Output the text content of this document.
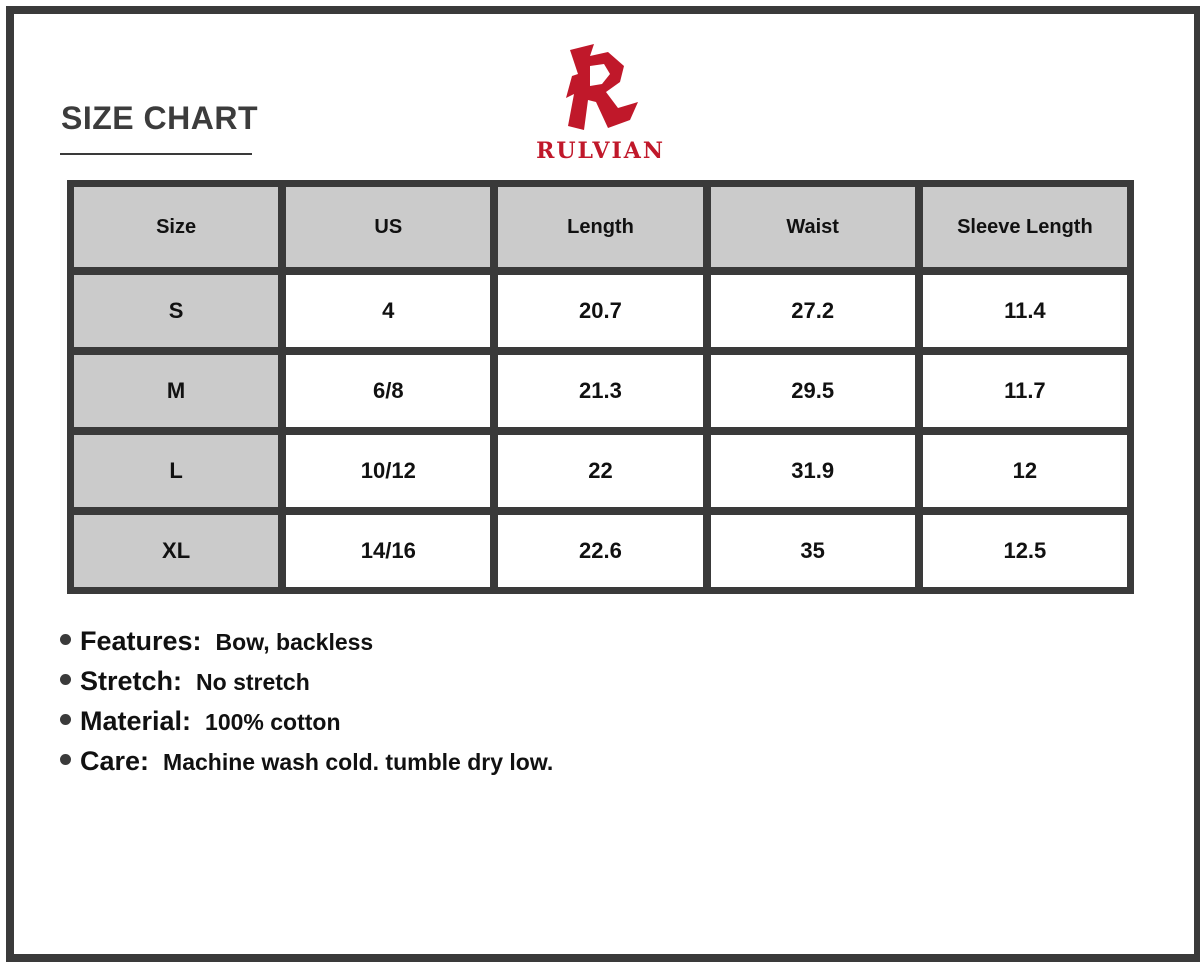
SIZE CHART
RULVIAN
Size	US	Length	Waist	Sleeve Length
S	4	20.7	27.2	11.4
M	6/8	21.3	29.5	11.7
L	10/12	22	31.9	12
XL	14/16	22.6	35	12.5
Features: Bow, backless
Stretch: No stretch
Material: 100% cotton
Care: Machine wash cold. tumble dry low.
